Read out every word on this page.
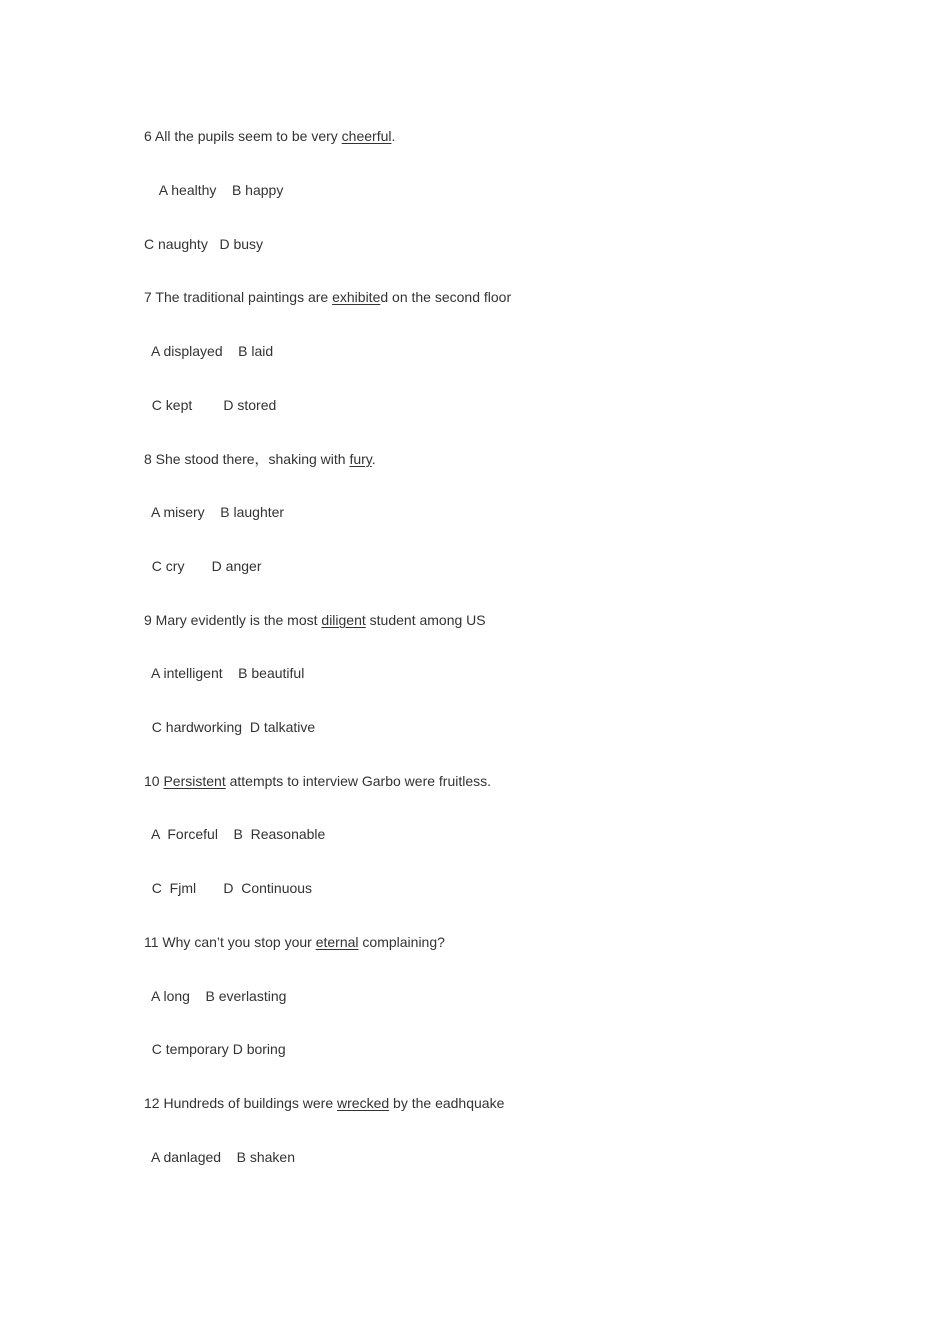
6 All the pupils seem to be very cheerful.
A healthy    B happy
C naughty   D busy
7 The traditional paintings are exhibited on the second floor
A displayed    B laid
C kept        D stored
8 She stood there，shaking with fury.
A misery    B laughter
C cry       D anger
9 Mary evidently is the most diligent student among US
A intelligent    B beautiful
C hardworking  D talkative
10 Persistent attempts to interview Garbo were fruitless.
A  Forceful    B  Reasonable
C  Fjml       D  Continuous
11 Why can’t you stop your eternal complaining?
A long    B everlasting
C temporary D boring
12 Hundreds of buildings were wrecked by the eadhquake
A danlaged    B shaken
